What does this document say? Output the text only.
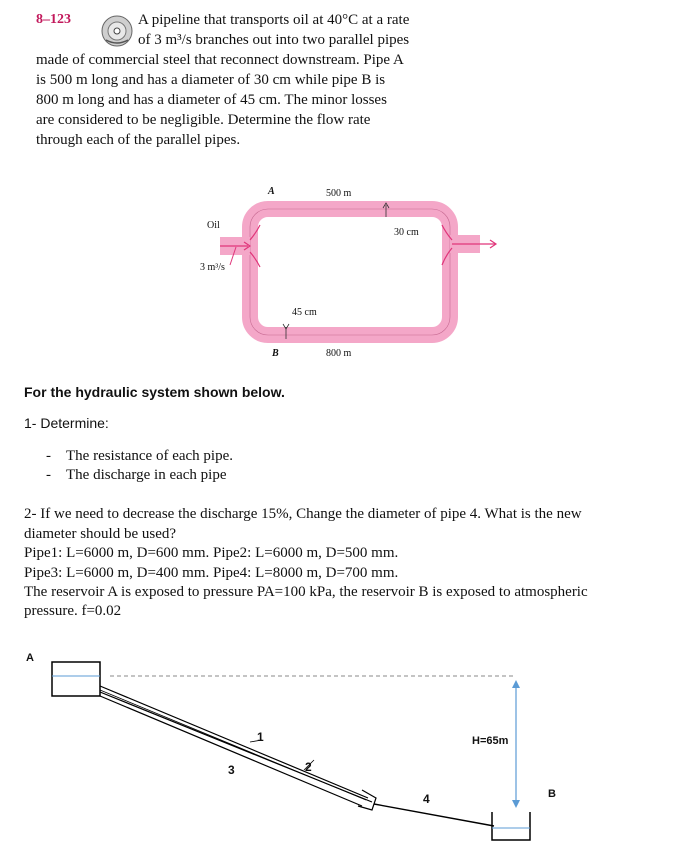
8–123	A pipeline that transports oil at 40°C at a rate
of 3 m³/s branches out into two parallel pipes
made of commercial steel that reconnect downstream. Pipe A
is 500 m long and has a diameter of 30 cm while pipe B is
800 m long and has a diameter of 45 cm. The minor losses
are considered to be negligible. Determine the flow rate
through each of the parallel pipes.
A	500 m
30 cm
Oil
3 m³/s
45 cm
B	800 m
For the hydraulic system shown below.
1- Determine:
- The resistance of each pipe.
- The discharge in each pipe
2- If we need to decrease the discharge 15%, Change the diameter of pipe 4. What is the new
diameter should be used?
Pipe1: L=6000 m, D=600 mm. Pipe2: L=6000 m, D=500 mm.
Pipe3: L=6000 m, D=400 mm. Pipe4: L=8000 m, D=700 mm.
The reservoir A is exposed to pressure PA=100 kPa, the reservoir B is exposed to atmospheric
pressure. f=0.02
A
1
2
3
4
H=65m
B
